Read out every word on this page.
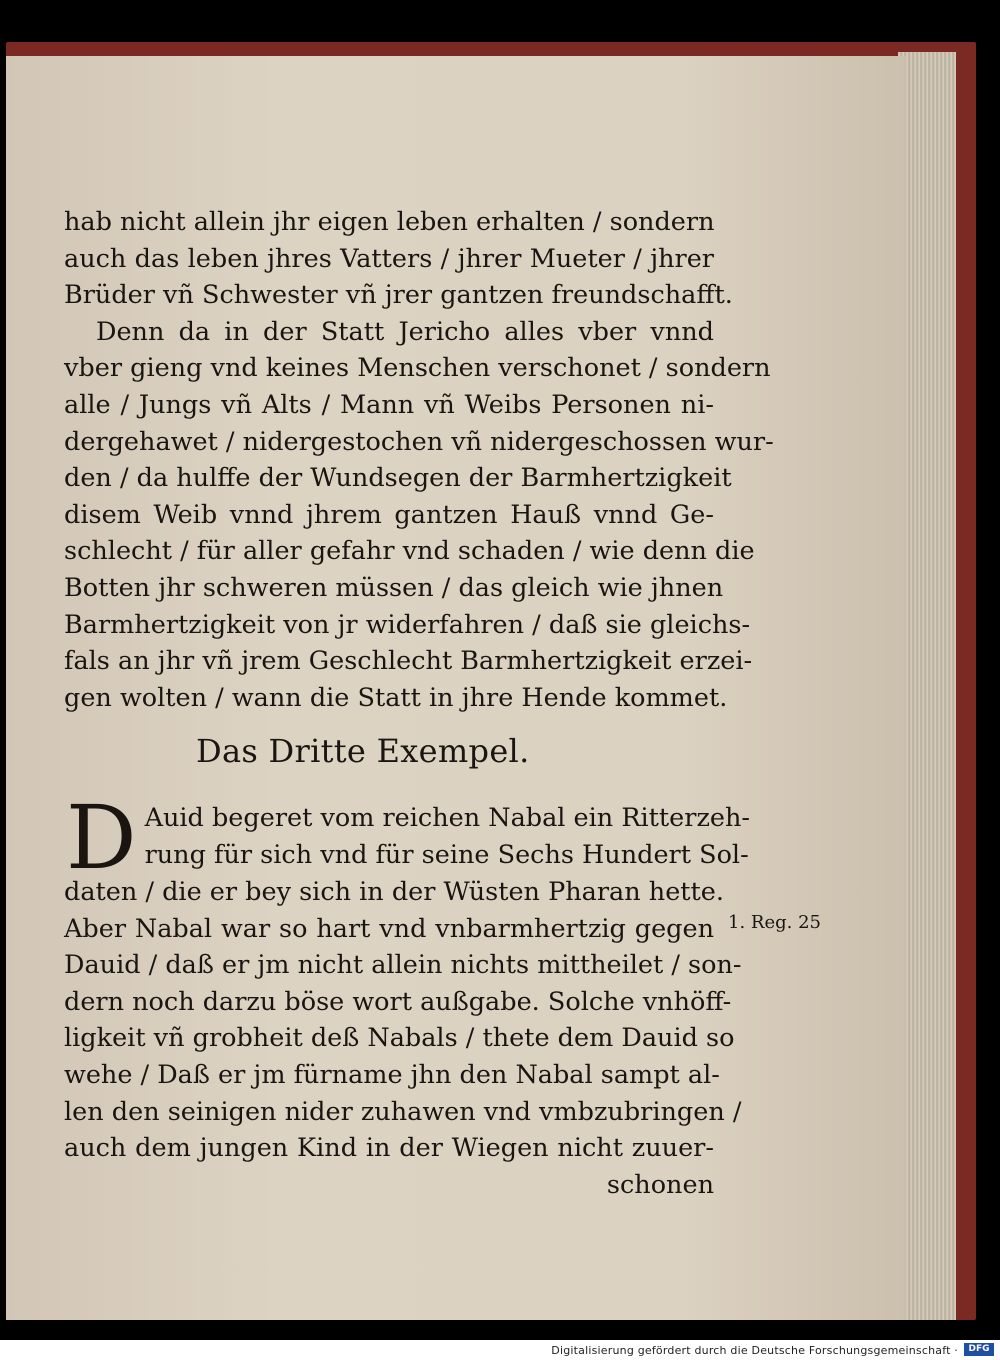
hab nicht allein jhr eigen leben erhalten / sondern
auch das leben jhres Vatters / jhrer Mueter / jhrer
Brüder vñ Schwester vñ jrer gantzen freundschafft.
Denn da in der Statt Jericho alles vber vnnd
vber gieng vnd keines Menschen verschonet / sondern
alle / Jungs vñ Alts / Mann vñ Weibs Personen ni-
dergehawet / nidergestochen vñ nidergeschossen wur-
den / da hulffe der Wundsegen der Barmhertzigkeit
disem Weib vnnd jhrem gantzen Hauß vnnd Ge-
schlecht / für aller gefahr vnd schaden / wie denn die
Botten jhr schweren müssen / das gleich wie jhnen
Barmhertzigkeit von jr widerfahren / daß sie gleichs-
fals an jhr vñ jrem Geschlecht Barmhertzigkeit erzei-
gen wolten / wann die Statt in jhre Hende kommet.
Das Dritte Exempel.
D Auid begeret vom reichen Nabal ein Ritterzeh-
rung für sich vnd für seine Sechs Hundert Sol-
daten / die er bey sich in der Wüsten Pharan hette.
Aber Nabal war so hart vnd vnbarmhertzig gegen
Dauid / daß er jm nicht allein nichts mittheilet / son-
dern noch darzu böse wort außgabe. Solche vnhöff-
ligkeit vñ grobheit deß Nabals / thete dem Dauid so
wehe / Daß er jm fürname jhn den Nabal sampt al-
len den seinigen nider zuhawen vnd vmbzubringen /
auch dem jungen Kind in der Wiegen nicht zuuer-
schonen
1. Reg. 25
Digitalisierung gefördert durch die Deutsche Forschungsgemeinschaft ·	DFG
